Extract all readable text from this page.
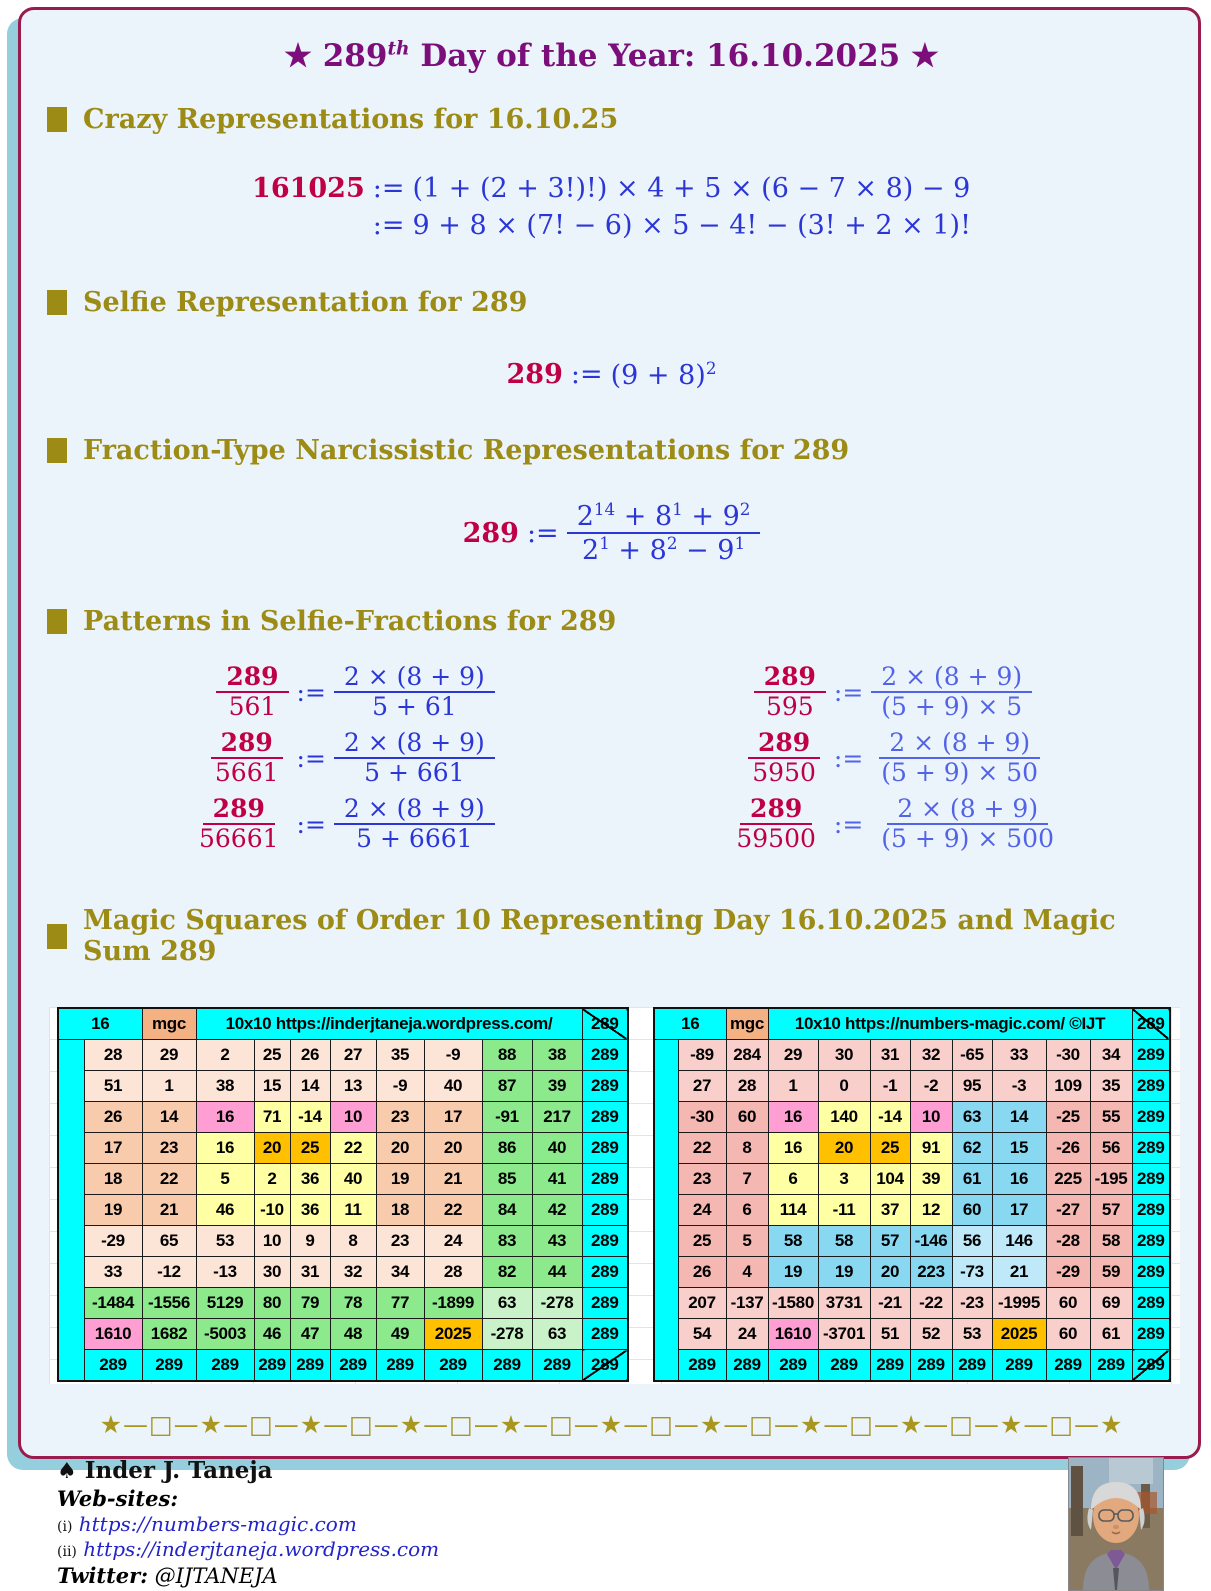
★ 289th Day of the Year: 16.10.2025 ★
Crazy Representations for 16.10.25
161025 := (1 + (2 + 3!)!) × 4 + 5 × (6 − 7 × 8) − 9
:= 9 + 8 × (7! − 6) × 5 − 4! − (3! + 2 × 1)!
Selfie Representation for 289
289 := $(9 + 8)^2$
Fraction-Type Narcissistic Representations for 289
289 := $\frac{2^{14} + 8^1 + 9^2}{2^1 + 8^2 - 9^1}$
Patterns in Selfie-Fractions for 289
$\frac{289}{561}$ := $\frac{2 \times (8 + 9)}{5 + 61}$
$\frac{289}{5661}$ := $\frac{2 \times (8 + 9)}{5 + 661}$
$\frac{289}{56661}$ := $\frac{2 \times (8 + 9)}{5 + 6661}$
$\frac{289}{595}$ := $\frac{2 \times (8 + 9)}{(5 + 9) \times 5}$
$\frac{289}{5950}$ := $\frac{2 \times (8 + 9)}{(5 + 9) \times 50}$
$\frac{289}{59500}$ := $\frac{2 \times (8 + 9)}{(5 + 9) \times 500}$
Magic Squares of Order 10 Representing Day 16.10.2025 and Magic Sum 289
16		mgc	10x10 https://inderjtaneja.wordpress.com/								289
	28	29	2	25	26	27	35	-9	88	38	289
	51	1	38	15	14	13	-9	40	87	39	289
	26	14	16	71	-14	10	23	17	-91	217	289
	17	23	16	20	25	22	20	20	86	40	289
	18	22	5	2	36	40	19	21	85	41	289
	19	21	46	-10	36	11	18	22	84	42	289
	-29	65	53	10	9	8	23	24	83	43	289
	33	-12	-13	30	31	32	34	28	82	44	289
	-1484	-1556	5129	80	79	78	77	-1899	63	-278	289
	1610	1682	-5003	46	47	48	49	2025	-278	63	289
	289	289	289	289	289	289	289	289	289	289	289
16		mgc	10x10 https://numbers-magic.com/ ©IJT								289
	-89	284	29	30	31	32	-65	33	-30	34	289
	27	28	1	0	-1	-2	95	-3	109	35	289
	-30	60	16	140	-14	10	63	14	-25	55	289
	22	8	16	20	25	91	62	15	-26	56	289
	23	7	6	3	104	39	61	16	225	-195	289
	24	6	114	-11	37	12	60	17	-27	57	289
	25	5	58	58	57	-146	56	146	-28	58	289
	26	4	19	19	20	223	-73	21	-29	59	289
	207	-137	-1580	3731	-21	-22	-23	-1995	60	69	289
	54	24	1610	-3701	51	52	53	2025	60	61	289
	289	289	289	289	289	289	289	289	289	289	289
★—□—★—□—★—□—★—□—★—□—★—□—★—□—★—□—★—□—★—□—★
♠ Inder J. Taneja
Web-sites:
(i) https://numbers-magic.com
(ii) https://inderjtaneja.wordpress.com
Twitter: @IJTANEJA
